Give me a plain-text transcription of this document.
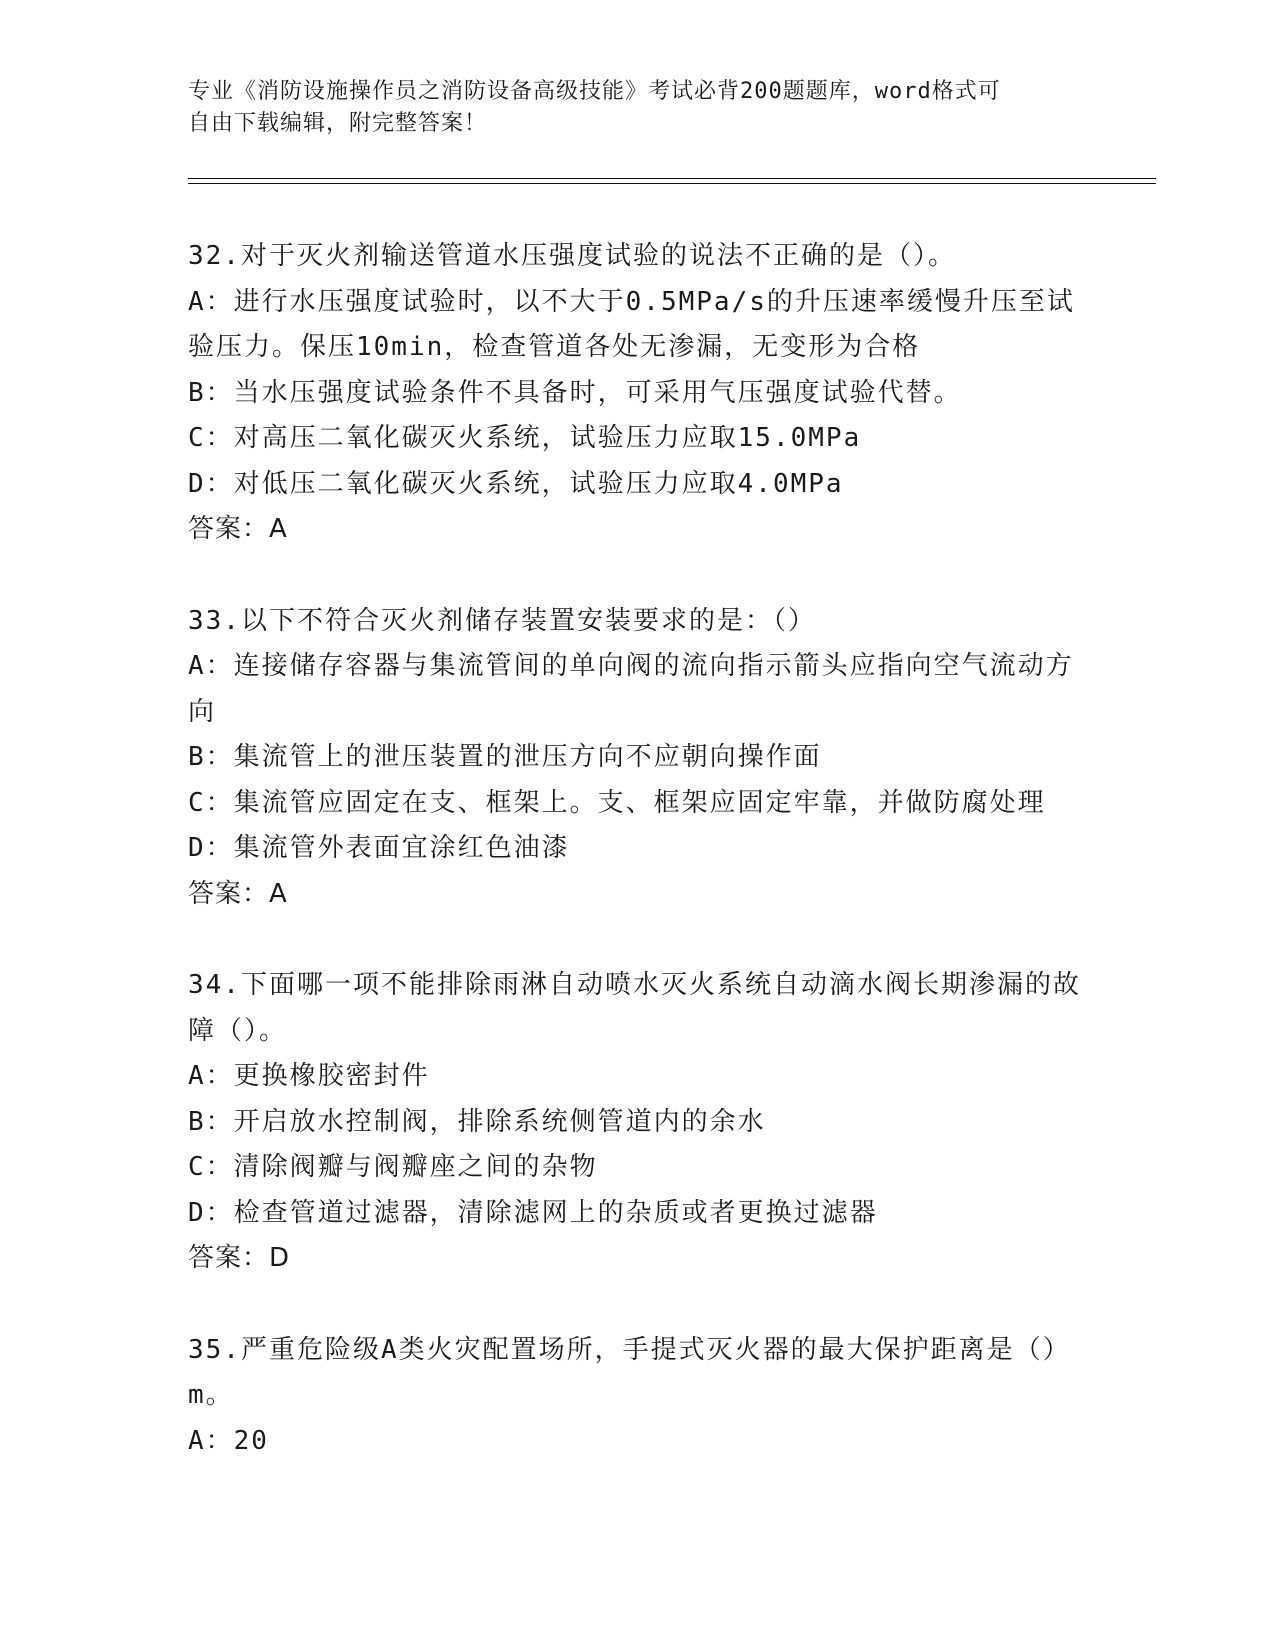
专业《消防设施操作员之消防设备高级技能》考试必背200题题库，word格式可
自由下载编辑，附完整答案！
32.对于灭火剂输送管道水压强度试验的说法不正确的是（）。
A：进行水压强度试验时，以不大于0.5MPa/s的升压速率缓慢升压至试验压力。保压10min，检查管道各处无渗漏，无变形为合格
B：当水压强度试验条件不具备时，可采用气压强度试验代替。
C：对高压二氧化碳灭火系统，试验压力应取15.0MPa
D：对低压二氧化碳灭火系统，试验压力应取4.0MPa
答案：A
33.以下不符合灭火剂储存装置安装要求的是：（）
A：连接储存容器与集流管间的单向阀的流向指示箭头应指向空气流动方向
B：集流管上的泄压装置的泄压方向不应朝向操作面
C：集流管应固定在支、框架上。支、框架应固定牢靠，并做防腐处理
D：集流管外表面宜涂红色油漆
答案：A
34.下面哪一项不能排除雨淋自动喷水灭火系统自动滴水阀长期渗漏的故障（）。
A：更换橡胶密封件
B：开启放水控制阀，排除系统侧管道内的余水
C：清除阀瓣与阀瓣座之间的杂物
D：检查管道过滤器，清除滤网上的杂质或者更换过滤器
答案：D
35.严重危险级A类火灾配置场所，手提式灭火器的最大保护距离是（）m。
A：20
